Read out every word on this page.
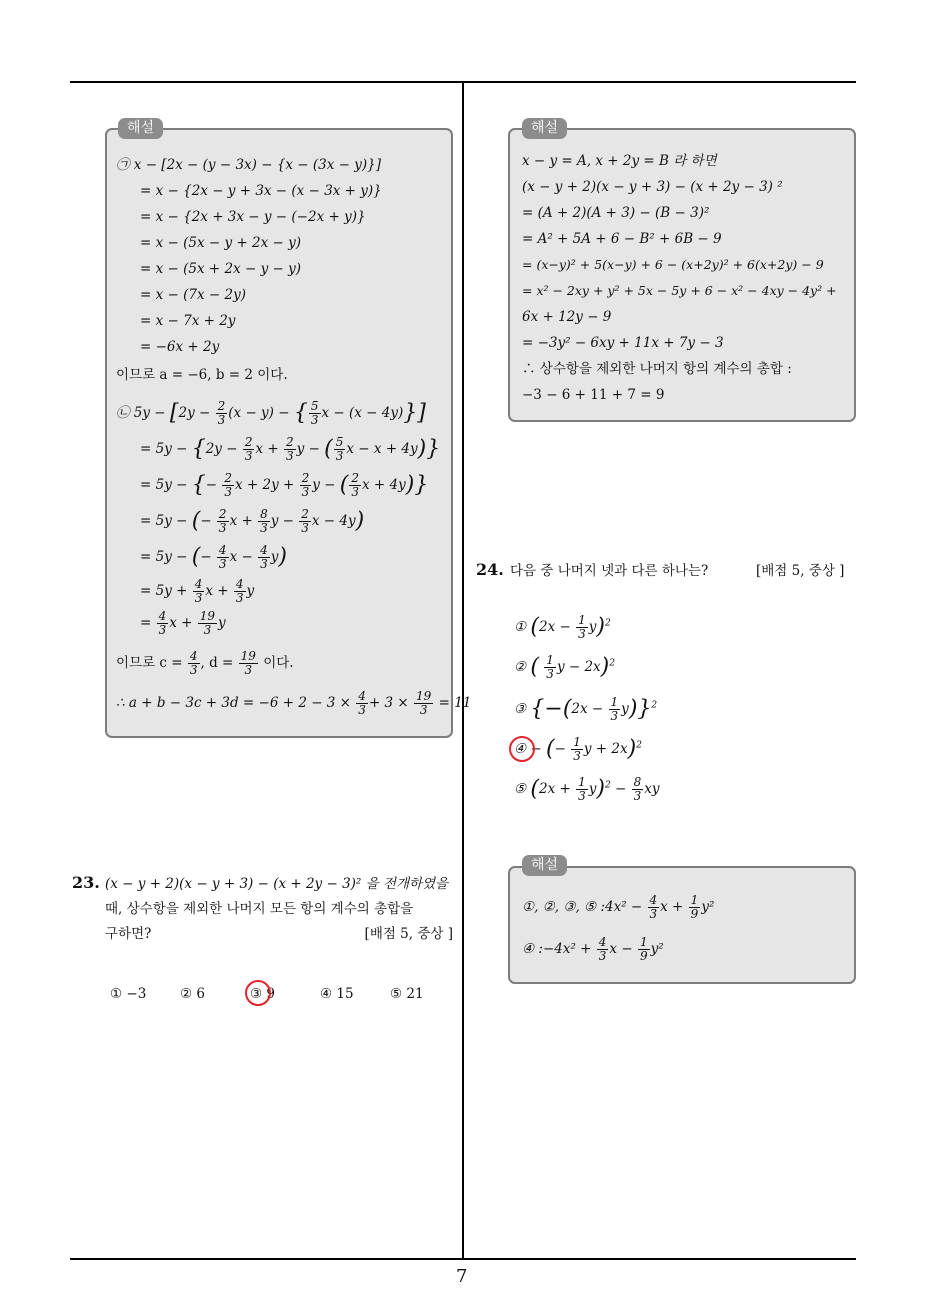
해설
㉠ x − [2x − (y − 3x) − {x − (3x − y)}]
= x − {2x − y + 3x − (x − 3x + y)}
= x − {2x + 3x − y − (−2x + y)}
= x − (5x − y + 2x − y)
= x − (5x + 2x − y − y)
= x − (7x − 2y)
= x − 7x + 2y
= −6x + 2y
이므로 a = −6, b = 2 이다.
㉡ $5y - [2y - \frac{2}{3} (x - y)$ − { $\frac{5}{3}$ x − (x − 4y)}]
= $5y - \{2y - \frac{2}{3}$ $x + \frac{2}{3}$ y − ( $\frac{5}{3}$ x − x + 4y)}
= 5y − {− $\frac{2}{3}$ $x + 2y + \frac{2}{3}$ y − ( $\frac{2}{3}$ x + 4y)}
= 5y − (− $\frac{2}{3}$ $x + \frac{8}{3}$ $y - \frac{2}{3}$ x − 4y)
= 5y − (− $\frac{4}{3}$ $x - \frac{4}{3} y$)
= $5y + \frac{4}{3}$ $x + \frac{4}{3}$ y
= $\frac{4}{3}$ $x + \frac{19}{3}$ y
이므로 $c = \frac{4}{3}$ , $d = \frac{19}{3}$ 이다.
∴ $a + b - 3c + 3d = -6 + 2 - 3 \times \frac{4}{3} + 3 \times \frac{19}{3} = 11$
23. (x − y + 2)(x − y + 3) − (x + 2y − 3)² 을 전개하였을
때, 상수항을 제외한 나머지 모든 항의 계수의 총합을
구하면?	[배점 5, 중상 ]
① −3 ② 6	③ 9	④ 15	⑤ 21
해설
x − y = A, x + 2y = B 라 하면
(x − y + 2)(x − y + 3) − (x + 2y − 3) ²
= (A + 2)(A + 3) − (B − 3)²
= A² + 5A + 6 − B² + 6B − 9
= (x−y)² + 5(x−y) + 6 − (x+2y)² + 6(x+2y) − 9
= x² − 2xy + y² + 5x − 5y + 6 − x² − 4xy − 4y² +
6x + 12y − 9
= −3y² − 6xy + 11x + 7y − 3
∴ 상수항을 제외한 나머지 항의 계수의 총합 :
−3 − 6 + 11 + 7 = 9
24. 다음 중 나머지 넷과 다른 하나는?	[배점 5, 중상 ]
① $(2x - \frac{1}{3} y)^2$
② ( $\frac{1}{3}$ y − 2x)$^2$
③ $\{-(2x - \frac{1}{3} y)\}^2$
④ − (− $\frac{1}{3}$ y + 2x)$^2$
⑤ $(2x + \frac{1}{3} y)^2 - \frac{8}{3}$ xy
해설
①, ②, ③, ⑤ :4x² − $\frac{4}{3}$ $x + \frac{1}{9} y^2$
④ :−4x² + $\frac{4}{3}$ $x - \frac{1}{9} y^2$
7
